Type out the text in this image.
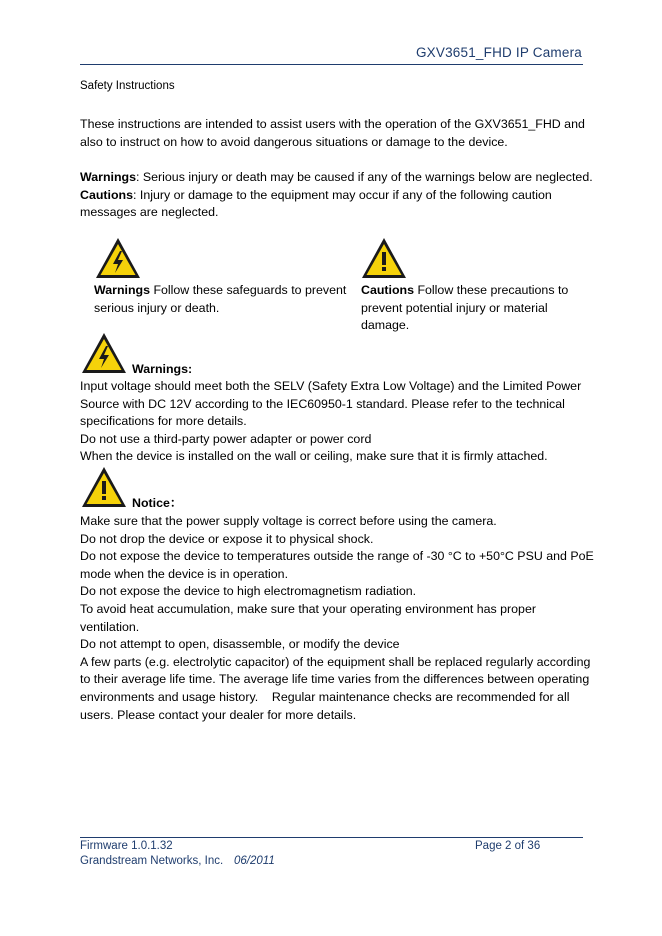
GXV3651_FHD IP Camera
Safety Instructions
These instructions are intended to assist users with the operation of the GXV3651_FHD and
also to instruct on how to avoid dangerous situations or damage to the device.
Warnings: Serious injury or death may be caused if any of the warnings below are neglected.
Cautions: Injury or damage to the equipment may occur if any of the following caution
messages are neglected.
Warnings Follow these safeguards to prevent
serious injury or death.
Cautions Follow these precautions to
prevent potential injury or material
damage.
Warnings:
Input voltage should meet both the SELV (Safety Extra Low Voltage) and the Limited Power
Source with DC 12V according to the IEC60950-1 standard. Please refer to the technical
specifications for more details.
Do not use a third-party power adapter or power cord
When the device is installed on the wall or ceiling, make sure that it is firmly attached.
Notice：
Make sure that the power supply voltage is correct before using the camera.
Do not drop the device or expose it to physical shock.
Do not expose the device to temperatures outside the range of -30 °C to +50°C PSU and PoE
mode when the device is in operation.
Do not expose the device to high electromagnetism radiation.
To avoid heat accumulation, make sure that your operating environment has proper
ventilation.
Do not attempt to open, disassemble, or modify the device
A few parts (e.g. electrolytic capacitor) of the equipment shall be replaced regularly according
to their average life time. The average life time varies from the differences between operating
environments and usage history.    Regular maintenance checks are recommended for all
users. Please contact your dealer for more details.
Firmware 1.0.1.32	Page 2 of 36
Grandstream Networks, Inc. 06/2011
